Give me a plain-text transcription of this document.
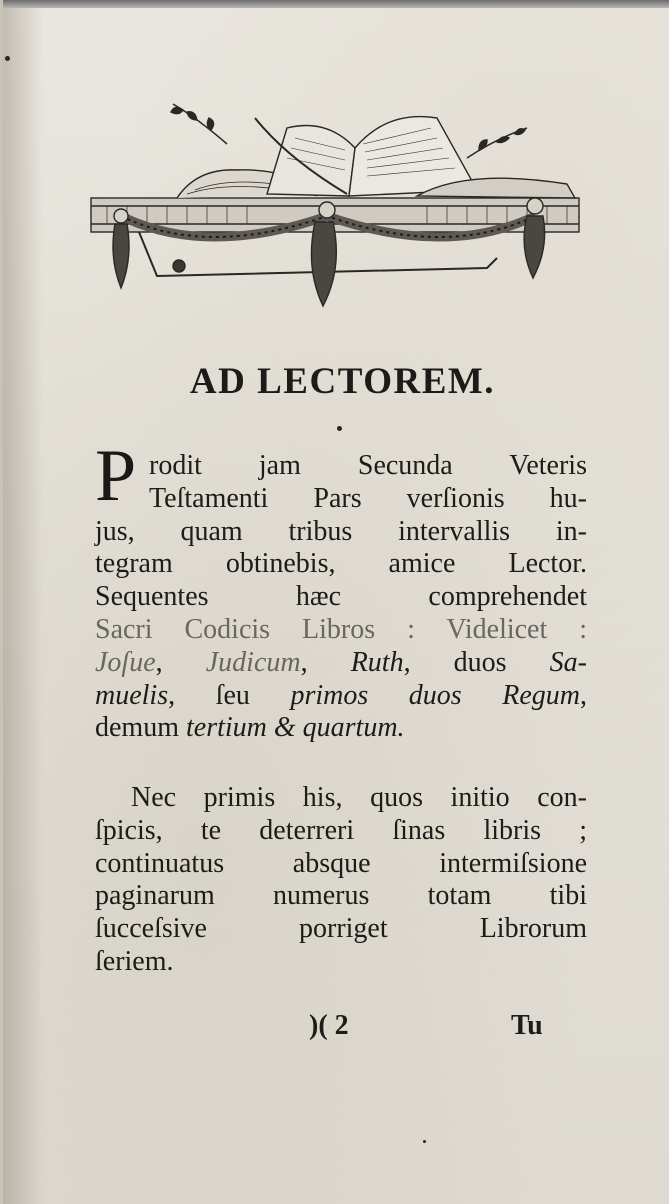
AD LECTOREM.
P rodit jam Secunda Veteris
Teſtamenti Pars verſionis hu-
jus, quam tribus intervallis in-
tegram obtinebis, amice Lector.
Sequentes hæc comprehendet
Sacri Codicis Libros : Videlicet :
Joſue, Judicum, Ruth, duos Sa-
muelis, ſeu primos duos Regum,
demum tertium & quartum.
Nec primis his, quos initio con-
ſpicis, te deterreri ſinas libris ;
continuatus absque intermiſsione
paginarum numerus totam tibi
ſucceſsive porriget Librorum
ſeriem.
)( 2	Tu
